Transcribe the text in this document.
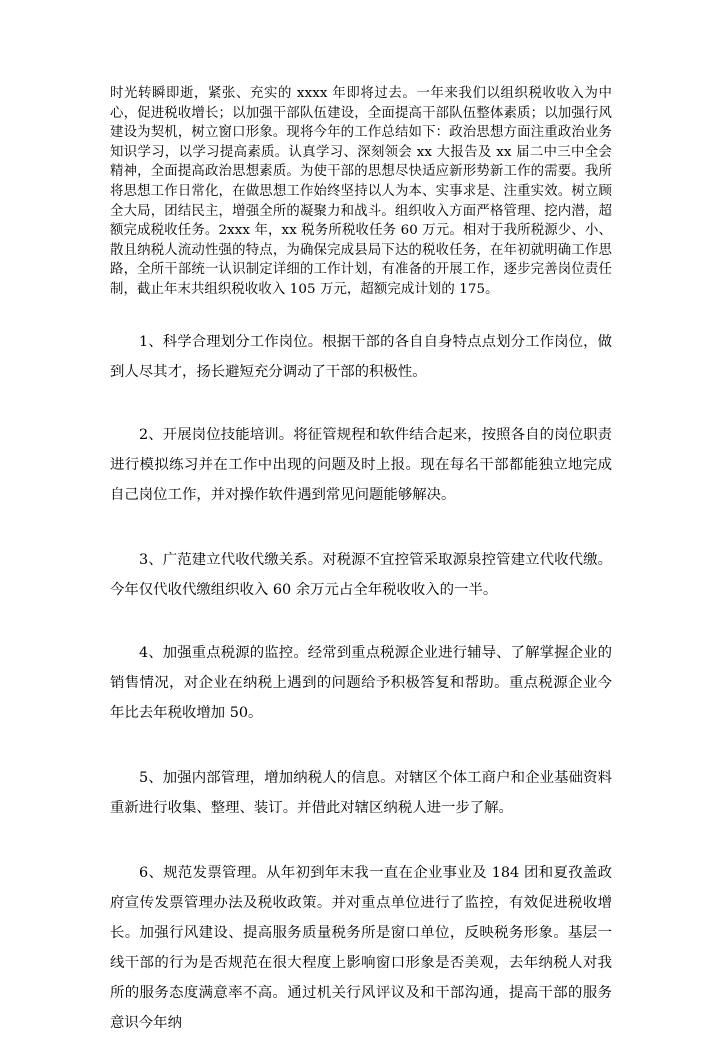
时光转瞬即逝，紧张、充实的 xxxx 年即将过去。一年来我们以组织税收收入为中心，促进税收增长；以加强干部队伍建设，全面提高干部队伍整体素质；以加强行风建设为契机，树立窗口形象。现将今年的工作总结如下：政治思想方面注重政治业务知识学习，以学习提高素质。认真学习、深刻领会 xx 大报告及 xx 届二中三中全会精神，全面提高政治思想素质。为使干部的思想尽快适应新形势新工作的需要。我所将思想工作日常化，在做思想工作始终坚持以人为本、实事求是、注重实效。树立顾全大局，团结民主，增强全所的凝聚力和战斗。组织收入方面严格管理、挖内潜，超额完成税收任务。2xxx 年，xx 税务所税收任务 60 万元。相对于我所税源少、小、散且纳税人流动性强的特点，为确保完成县局下达的税收任务，在年初就明确工作思路，全所干部统一认识制定详细的工作计划，有准备的开展工作，逐步完善岗位责任制，截止年末共组织税收收入 105 万元，超额完成计划的 175。

1、科学合理划分工作岗位。根据干部的各自自身特点点划分工作岗位，做到人尽其才，扬长避短充分调动了干部的积极性。

2、开展岗位技能培训。将征管规程和软件结合起来，按照各自的岗位职责进行模拟练习并在工作中出现的问题及时上报。现在每名干部都能独立地完成自己岗位工作，并对操作软件遇到常见问题能够解决。

3、广范建立代收代缴关系。对税源不宜控管采取源泉控管建立代收代缴。今年仅代收代缴组织收入 60 余万元占全年税收收入的一半。

4、加强重点税源的监控。经常到重点税源企业进行辅导、了解掌握企业的销售情况，对企业在纳税上遇到的问题给予积极答复和帮助。重点税源企业今年比去年税收增加 50。

5、加强内部管理，增加纳税人的信息。对辖区个体工商户和企业基础资料重新进行收集、整理、装订。并借此对辖区纳税人进一步了解。

6、规范发票管理。从年初到年末我一直在企业事业及 184 团和夏孜盖政府宣传发票管理办法及税收政策。并对重点单位进行了监控，有效促进税收增长。加强行风建设、提高服务质量税务所是窗口单位，反映税务形象。基层一线干部的行为是否规范在很大程度上影响窗口形象是否美观，去年纳税人对我所的服务态度满意率不高。通过机关行风评议及和干部沟通，提高干部的服务意识今年纳
